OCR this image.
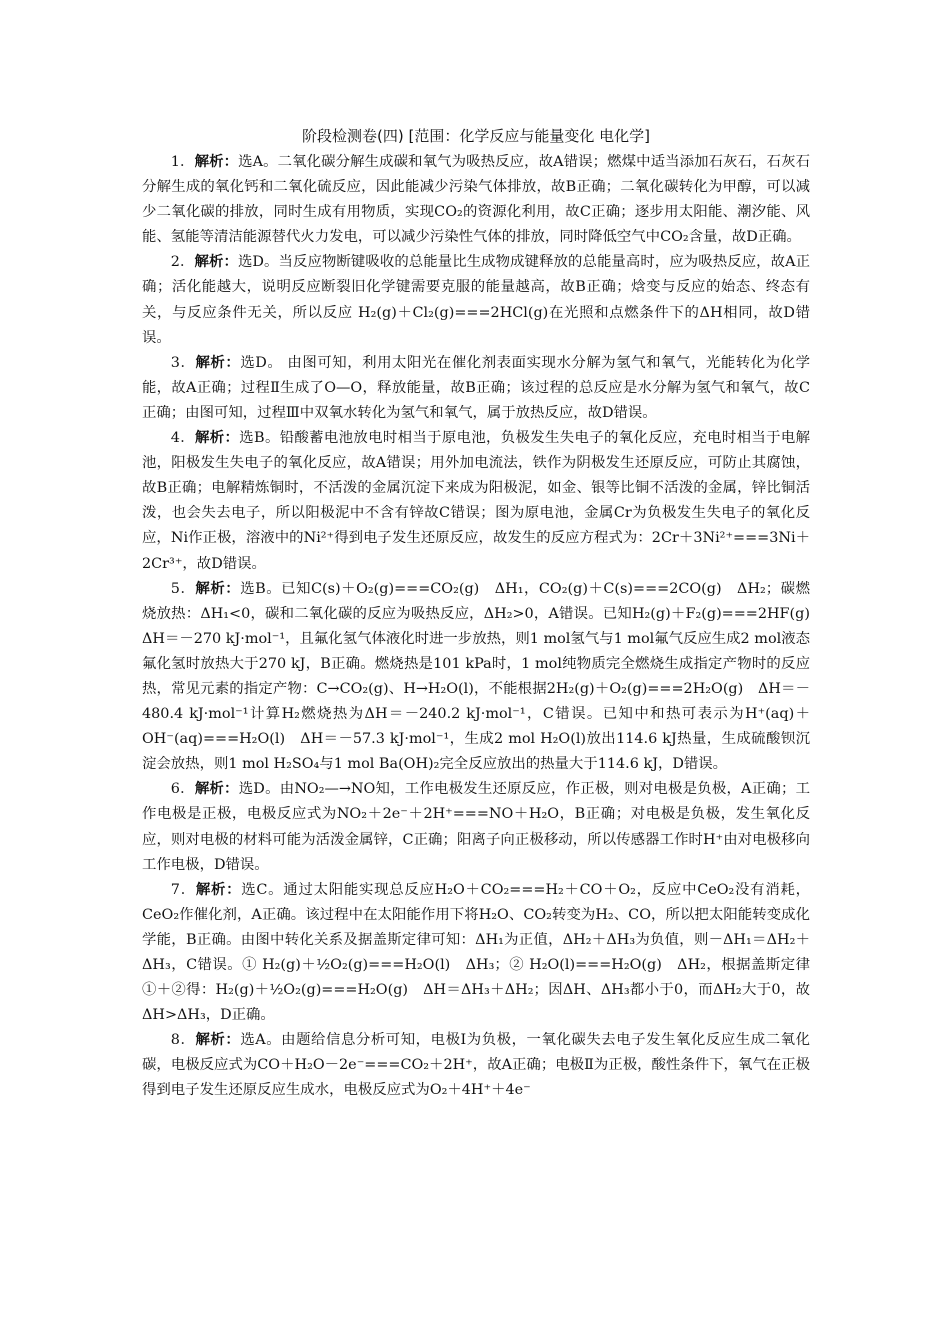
阶段检测卷(四) [范围：化学反应与能量变化 电化学]

1．解析：选A。二氧化碳分解生成碳和氧气为吸热反应，故A错误；燃煤中适当添加石灰石，石灰石分解生成的氧化钙和二氧化硫反应，因此能减少污染气体排放，故B正确；二氧化碳转化为甲醇，可以减少二氧化碳的排放，同时生成有用物质，实现CO₂的资源化利用，故C正确；逐步用太阳能、潮汐能、风能、氢能等清洁能源替代火力发电，可以减少污染性气体的排放，同时降低空气中CO₂含量，故D正确。

2．解析：选D。当反应物断键吸收的总能量比生成物成键释放的总能量高时，应为吸热反应，故A正确；活化能越大，说明反应断裂旧化学键需要克服的能量越高，故B正确；焓变与反应的始态、终态有关，与反应条件无关，所以反应 H₂(g)＋Cl₂(g)===2HCl(g)在光照和点燃条件下的ΔH相同，故D错误。

3．解析：选D。 由图可知，利用太阳光在催化剂表面实现水分解为氢气和氧气，光能转化为化学能，故A正确；过程Ⅱ生成了O—O，释放能量，故B正确；该过程的总反应是水分解为氢气和氧气，故C正确；由图可知，过程Ⅲ中双氧水转化为氢气和氧气，属于放热反应，故D错误。

4．解析：选B。铅酸蓄电池放电时相当于原电池，负极发生失电子的氧化反应，充电时相当于电解池，阳极发生失电子的氧化反应，故A错误；用外加电流法，铁作为阴极发生还原反应，可防止其腐蚀，故B正确；电解精炼铜时，不活泼的金属沉淀下来成为阳极泥，如金、银等比铜不活泼的金属，锌比铜活泼，也会失去电子，所以阳极泥中不含有锌故C错误；图为原电池，金属Cr为负极发生失电子的氧化反应，Ni作正极，溶液中的Ni²⁺得到电子发生还原反应，故发生的反应方程式为：2Cr＋3Ni²⁺===3Ni＋2Cr³⁺，故D错误。

5．解析：选B。已知C(s)＋O₂(g)===CO₂(g)　ΔH₁，CO₂(g)＋C(s)===2CO(g)　ΔH₂；碳燃烧放热：ΔH₁<0，碳和二氧化碳的反应为吸热反应，ΔH₂>0，A错误。已知H₂(g)＋F₂(g)===2HF(g)　ΔH＝－270 kJ·mol⁻¹，且氟化氢气体液化时进一步放热，则1 mol氢气与1 mol氟气反应生成2 mol液态氟化氢时放热大于270 kJ，B正确。燃烧热是101 kPa时，1 mol纯物质完全燃烧生成指定产物时的反应热，常见元素的指定产物：C→CO₂(g)、H→H₂O(l)，不能根据2H₂(g)＋O₂(g)===2H₂O(g)　ΔH＝－480.4 kJ·mol⁻¹计算H₂燃烧热为ΔH＝－240.2 kJ·mol⁻¹，C错误。已知中和热可表示为H⁺(aq)＋OH⁻(aq)===H₂O(l)　ΔH＝－57.3 kJ·mol⁻¹，生成2 mol H₂O(l)放出114.6 kJ热量，生成硫酸钡沉淀会放热，则1 mol H₂SO₄与1 mol Ba(OH)₂完全反应放出的热量大于114.6 kJ，D错误。

6．解析：选D。由NO₂—→NO知，工作电极发生还原反应，作正极，则对电极是负极，A正确；工作电极是正极，电极反应式为NO₂＋2e⁻＋2H⁺===NO＋H₂O，B正确；对电极是负极，发生氧化反应，则对电极的材料可能为活泼金属锌，C正确；阳离子向正极移动，所以传感器工作时H⁺由对电极移向工作电极，D错误。

7．解析：选C。通过太阳能实现总反应H₂O＋CO₂===H₂＋CO＋O₂，反应中CeO₂没有消耗，CeO₂作催化剂，A正确。该过程中在太阳能作用下将H₂O、CO₂转变为H₂、CO，所以把太阳能转变成化学能，B正确。由图中转化关系及据盖斯定律可知：ΔH₁为正值，ΔH₂＋ΔH₃为负值，则－ΔH₁＝ΔH₂＋ΔH₃，C错误。① H₂(g)＋½O₂(g)===H₂O(l)　ΔH₃；② H₂O(l)===H₂O(g)　ΔH₂，根据盖斯定律①＋②得：H₂(g)＋½O₂(g)===H₂O(g)　ΔH＝ΔH₃＋ΔH₂；因ΔH、ΔH₃都小于0，而ΔH₂大于0，故ΔH>ΔH₃，D正确。

8．解析：选A。由题给信息分析可知，电极Ⅰ为负极，一氧化碳失去电子发生氧化反应生成二氧化碳，电极反应式为CO＋H₂O－2e⁻===CO₂＋2H⁺，故A正确；电极Ⅱ为正极，酸性条件下，氧气在正极得到电子发生还原反应生成水，电极反应式为O₂＋4H⁺＋4e⁻
